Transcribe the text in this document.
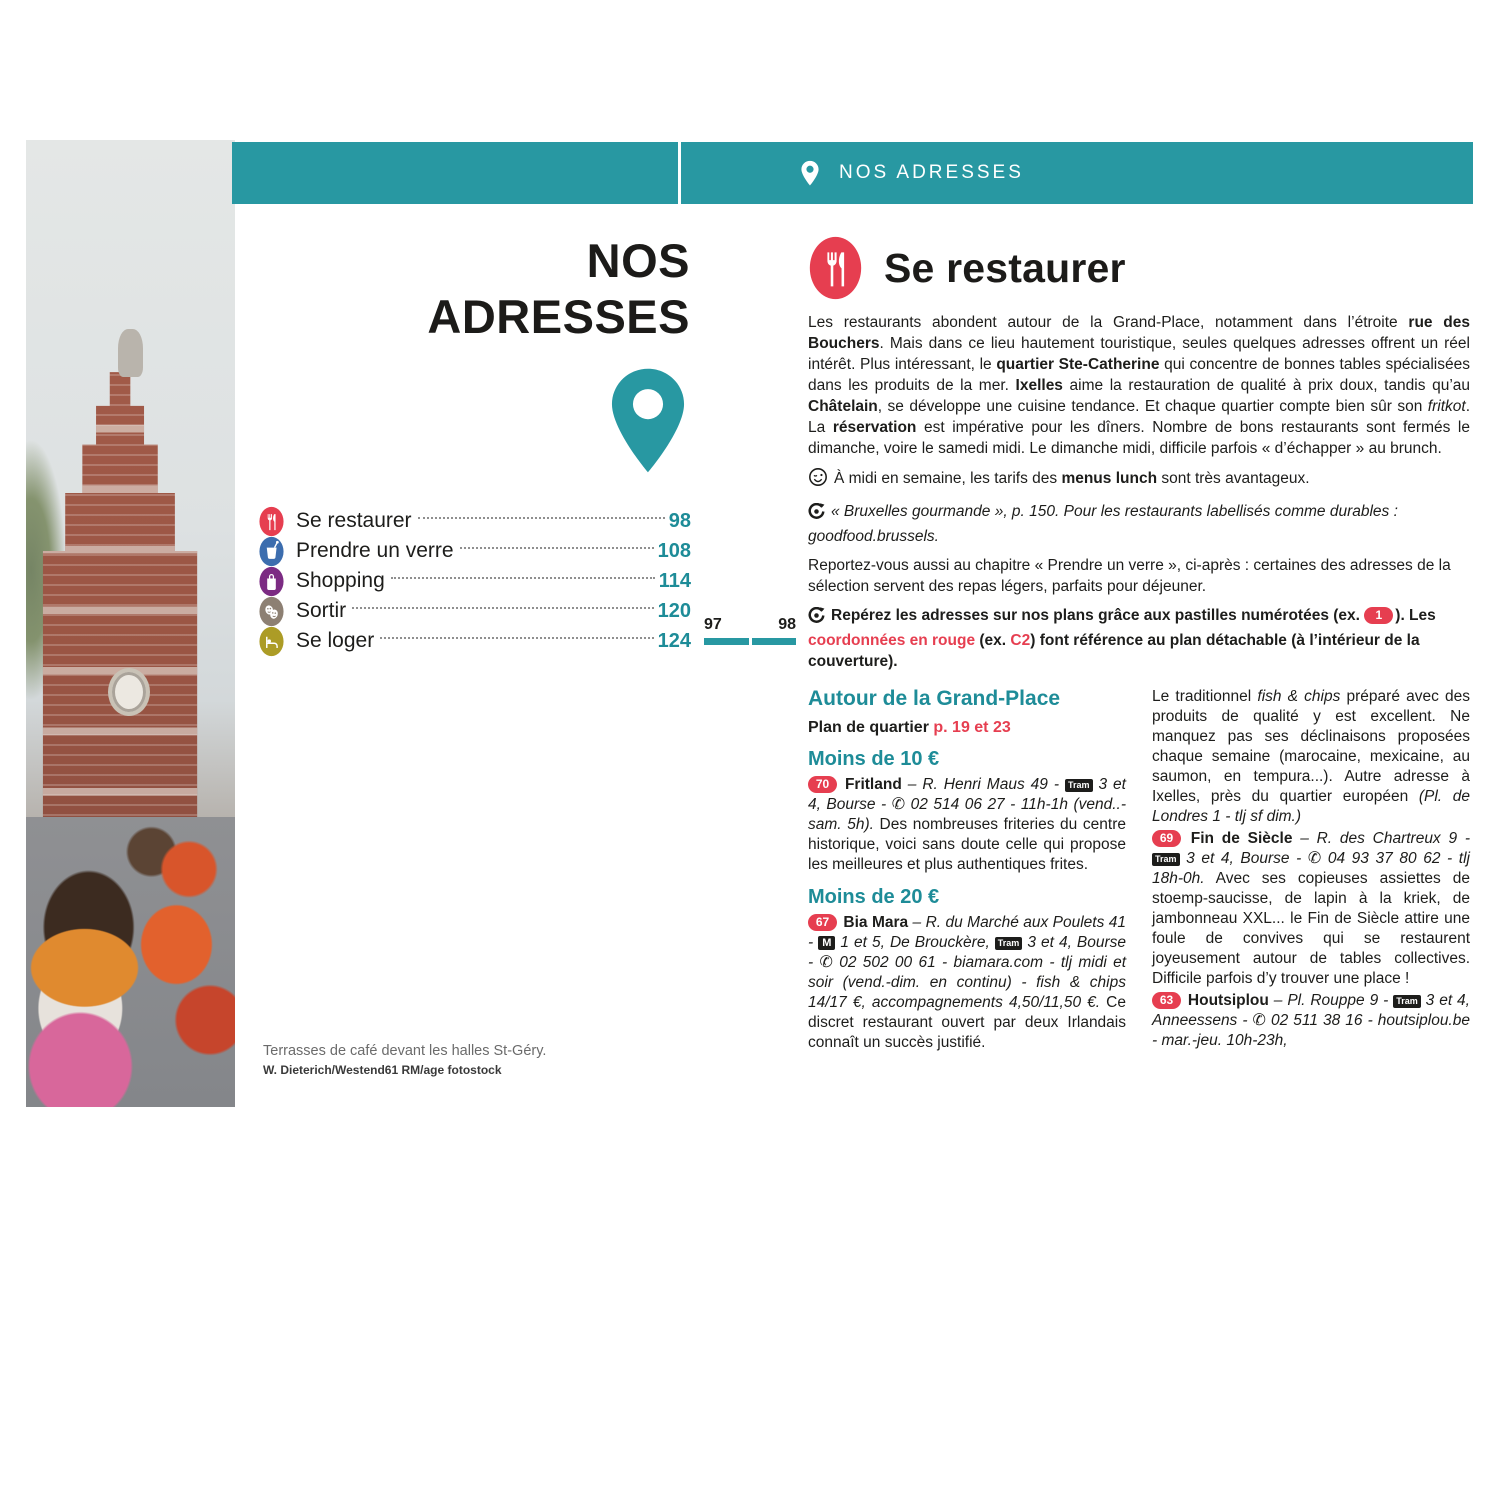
NOS ADRESSES
NOS
ADRESSES
Se restaurer	98
Prendre un verre	108
Shopping	114
Sortir	120
Se loger	124
Terrasses de café devant les halles St-Géry.
W. Dieterich/Westend61 RM/age fotostock
97	98
Se restaurer

Les restaurants abondent autour de la Grand-Place, notamment dans l’étroite rue des Bouchers. Mais dans ce lieu hautement touristique, seules quelques adresses offrent un réel intérêt. Plus intéressant, le quartier Ste-Catherine qui concentre de bonnes tables spécialisées dans les produits de la mer. Ixelles aime la restauration de qualité à prix doux, tandis qu’au Châtelain, se développe une cuisine tendance. Et chaque quartier compte bien sûr son fritkot. La réservation est impérative pour les dîners. Nombre de bons restaurants sont fermés le dimanche, voire le samedi midi. Le dimanche midi, difficile parfois « d’échapper » au brunch.

À midi en semaine, les tarifs des menus lunch sont très avantageux.

« Bruxelles gourmande », p. 150. Pour les restaurants labellisés comme durables : goodfood.brussels.

Reportez-vous aussi au chapitre « Prendre un verre », ci-après : certaines des adresses de la sélection servent des repas légers, parfaits pour déjeuner.

Repérez les adresses sur nos plans grâce aux pastilles numérotées (ex. 1 ). Les coordonnées en rouge (ex. C2) font référence au plan détachable (à l’intérieur de la couverture).

Autour de la Grand-Place

Plan de quartier p. 19 et 23

Moins de 10 €

70 Fritland – R. Henri Maus 49 - Tram 3 et 4, Bourse - ✆ 02 514 06 27 - 11h-1h (vend..-sam. 5h). Des nombreuses friteries du centre historique, voici sans doute celle qui propose les meilleures et plus authentiques frites.

Moins de 20 €

67 Bia Mara – R. du Marché aux Poulets 41 - M 1 et 5, De Brouckère, Tram 3 et 4, Bourse - ✆ 02 502 00 61 - biamara.com - tlj midi et soir (vend.-dim. en continu) - fish & chips 14/17 €, accompagnements 4,50/11,50 €. Ce discret restaurant ouvert par deux Irlandais connaît un succès justifié.

Le traditionnel fish & chips préparé avec des produits de qualité y est excellent. Ne manquez pas ses déclinaisons proposées chaque semaine (marocaine, mexicaine, au saumon, en tempura...). Autre adresse à Ixelles, près du quartier européen (Pl. de Londres 1 - tlj sf dim.)

69 Fin de Siècle – R. des Chartreux 9 - Tram 3 et 4, Bourse - ✆ 04 93 37 80 62 - tlj 18h-0h. Avec ses copieuses assiettes de stoemp-saucisse, de lapin à la kriek, de jambonneau XXL... le Fin de Siècle attire une foule de convives qui se restaurent joyeusement autour de tables collectives. Difficile parfois d’y trouver une place !

63 Houtsiplou – Pl. Rouppe 9 - Tram 3 et 4, Anneessens - ✆ 02 511 38 16 - houtsiplou.be - mar.-jeu. 10h-23h,
